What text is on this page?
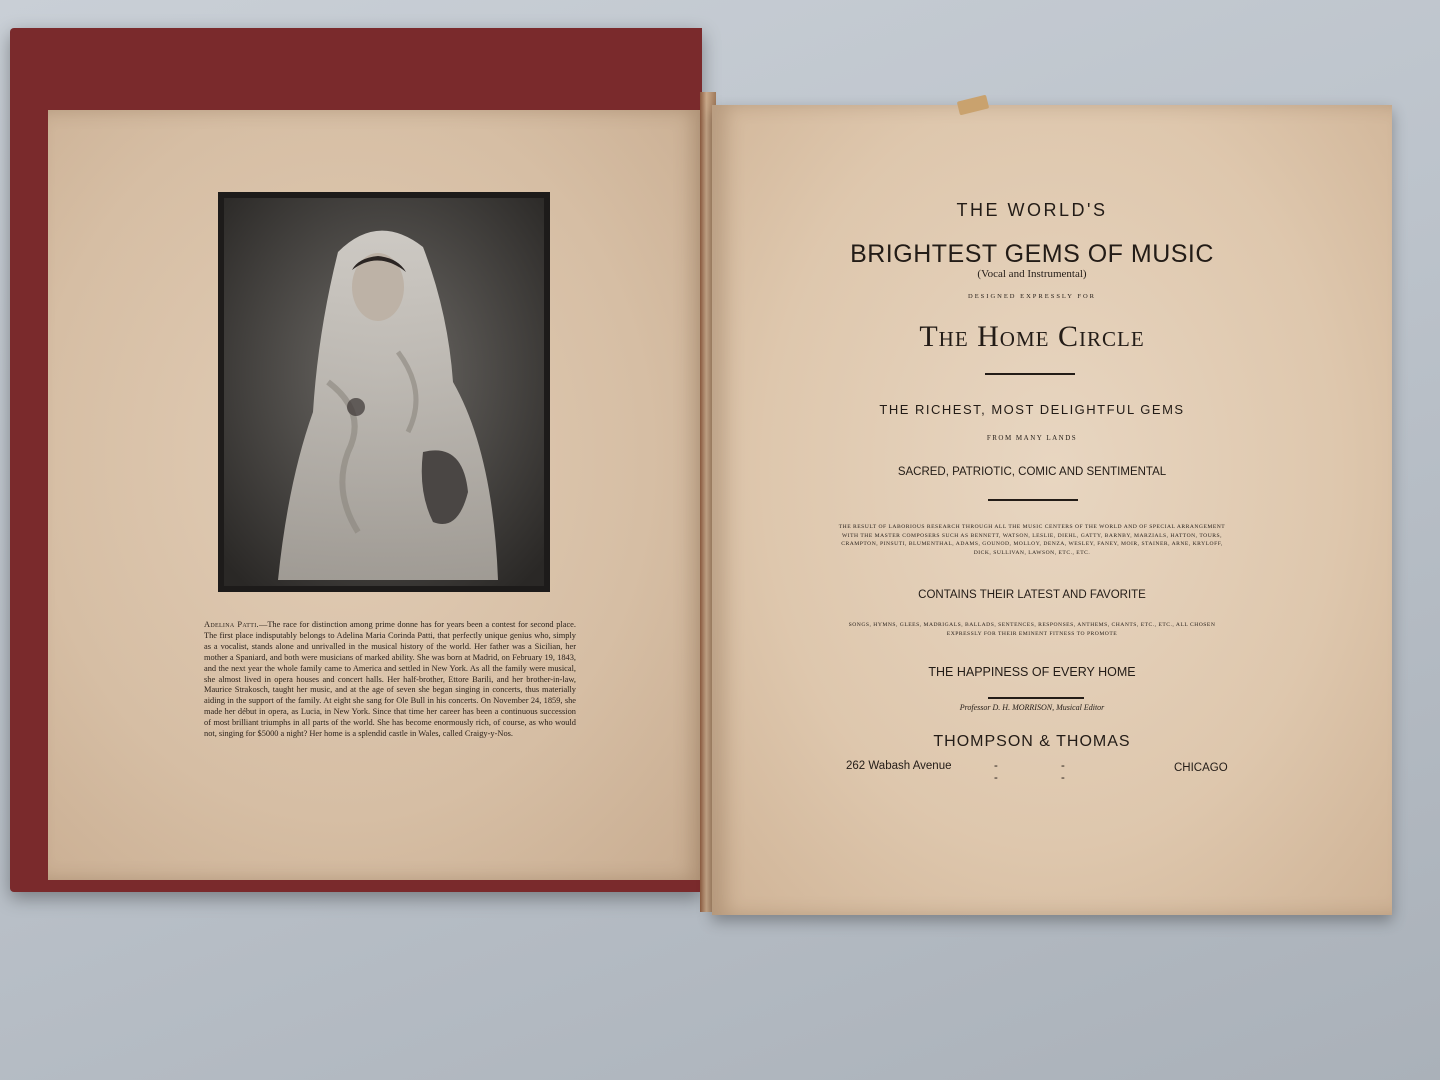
Adelina Patti.—The race for distinction among prime donne has for years been a contest for second place. The first place indisputably belongs to Adelina Maria Corinda Patti, that perfectly unique genius who, simply as a vocalist, stands alone and unrivalled in the musical history of the world. Her father was a Sicilian, her mother a Spaniard, and both were musicians of marked ability. She was born at Madrid, on February 19, 1843, and the next year the whole family came to America and settled in New York. As all the family were musical, she almost lived in opera houses and concert halls. Her half-brother, Ettore Barili, and her brother-in-law, Maurice Strakosch, taught her music, and at the age of seven she began singing in concerts, thus materially aiding in the support of the family. At eight she sang for Ole Bull in his concerts. On November 24, 1859, she made her début in opera, as Lucia, in New York. Since that time her career has been a continuous succession of most brilliant triumphs in all parts of the world. She has become enormously rich, of course, as who would not, singing for $5000 a night? Her home is a splendid castle in Wales, called Craigy-y-Nos.
THE WORLD'S
BRIGHTEST GEMS OF MUSIC
(Vocal and Instrumental)
DESIGNED EXPRESSLY FOR
The Home Circle
THE RICHEST, MOST DELIGHTFUL GEMS
FROM MANY LANDS
SACRED, PATRIOTIC, COMIC AND SENTIMENTAL
THE RESULT OF LABORIOUS RESEARCH THROUGH ALL THE MUSIC CENTERS OF THE WORLD AND OF SPECIAL ARRANGEMENT WITH THE MASTER COMPOSERS SUCH AS BENNETT, WATSON, LESLIE, DIEHL, GATTY, BARNBY, MARZIALS, HATTON, TOURS, CRAMPTON, PINSUTI, BLUMENTHAL, ADAMS, GOUNOD, MOLLOY, DENZA, WESLEY, FANEY, MOIR, STAINER, ARNE, KRYLOFF, DICK, SULLIVAN, LAWSON, ETC., ETC.
CONTAINS THEIR LATEST AND FAVORITE
SONGS, HYMNS, GLEES, MADRIGALS, BALLADS, SENTENCES, RESPONSES, ANTHEMS, CHANTS, ETC., ETC., ALL CHOSEN EXPRESSLY FOR THEIR EMINENT FITNESS TO PROMOTE
THE HAPPINESS OF EVERY HOME
Professor D. H. MORRISON, Musical Editor
THOMPSON & THOMAS
262 Wabash Avenue	- - - -
CHICAGO
